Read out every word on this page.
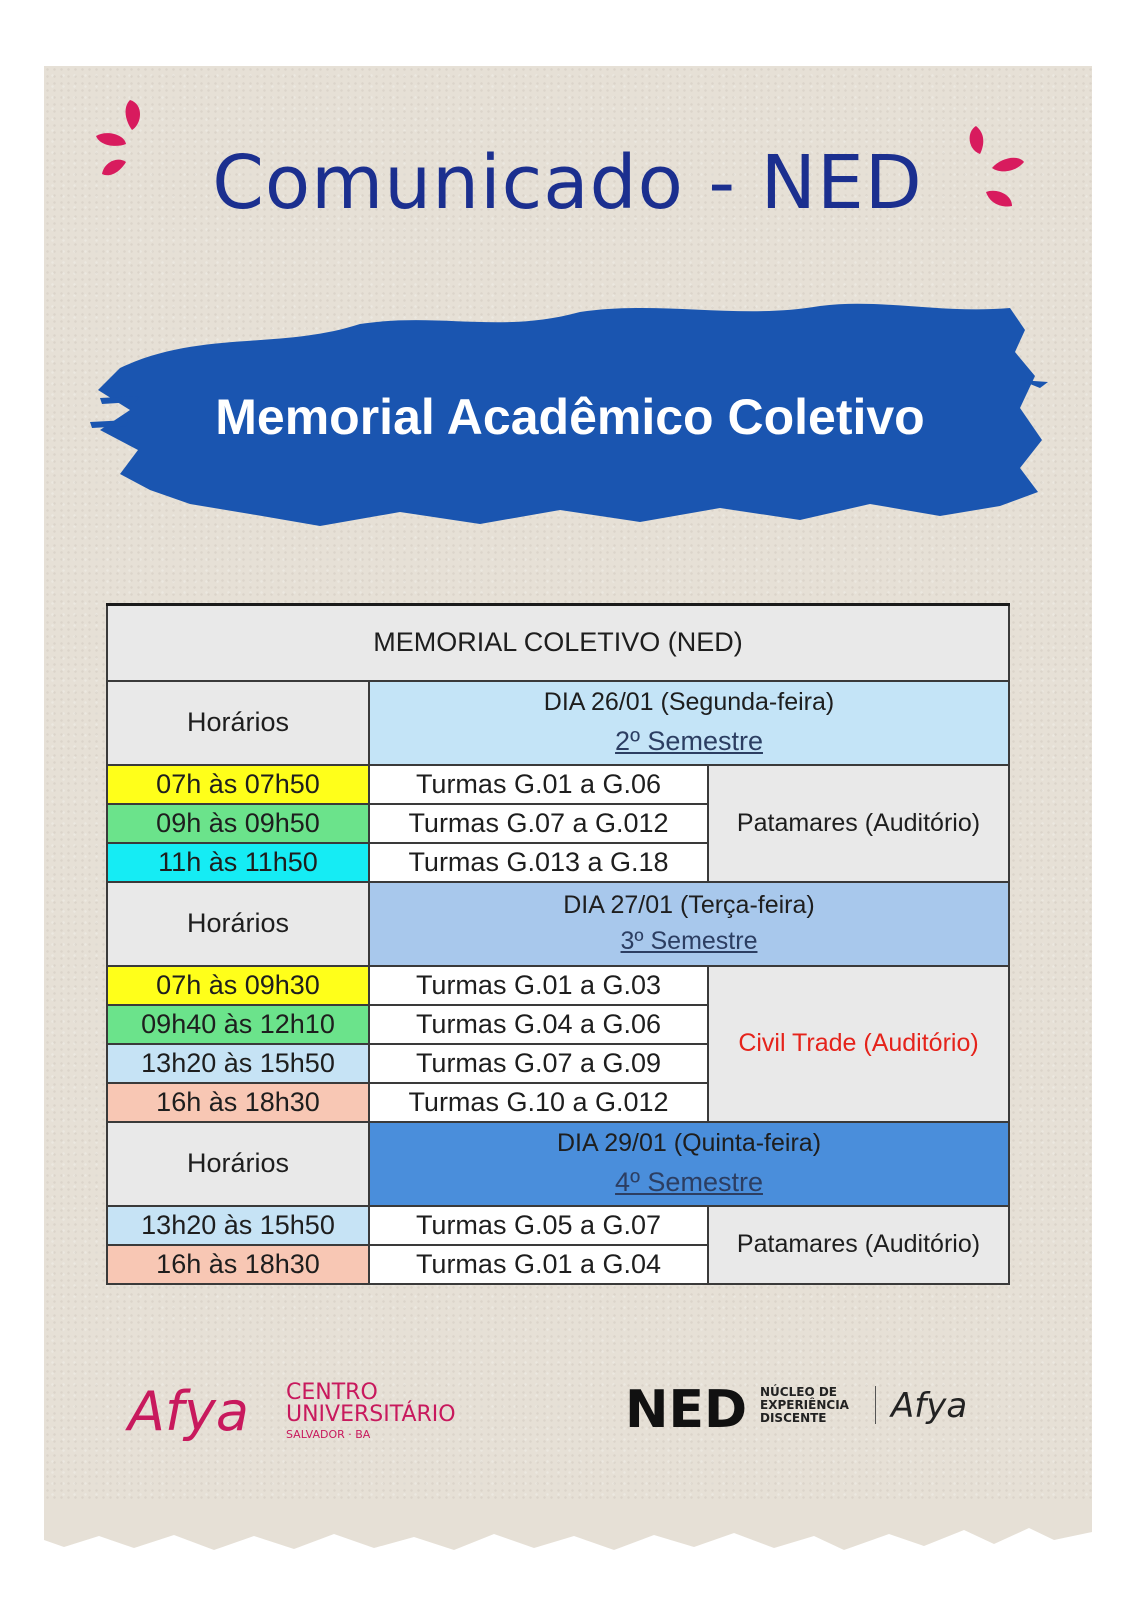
Comunicado - NED
Memorial Acadêmico Coletivo
MEMORIAL COLETIVO (NED)		
Horários	DIA 26/01 (Segunda-feira)
2º Semestre	
07h às 07h50	Turmas G.01 a G.06	Patamares (Auditório)
09h às 09h50	Turmas G.07 a G.012	
11h às 11h50	Turmas G.013 a G.18	
Horários	DIA 27/01 (Terça-feira)
3º Semestre	
07h às 09h30	Turmas G.01 a G.03	Civil Trade (Auditório)
09h40 às 12h10	Turmas G.04 a G.06	
13h20 às 15h50	Turmas G.07 a G.09	
16h às 18h30	Turmas G.10 a G.012	
Horários	DIA 29/01 (Quinta-feira)
4º Semestre	
13h20 às 15h50	Turmas G.05 a G.07	Patamares (Auditório)
16h às 18h30	Turmas G.01 a G.04	
Afya CENTRO
UNIVERSITÁRIO
SALVADOR · BA	NED NÚCLEO DE
EXPERIÊNCIA
DISCENTE Afya
